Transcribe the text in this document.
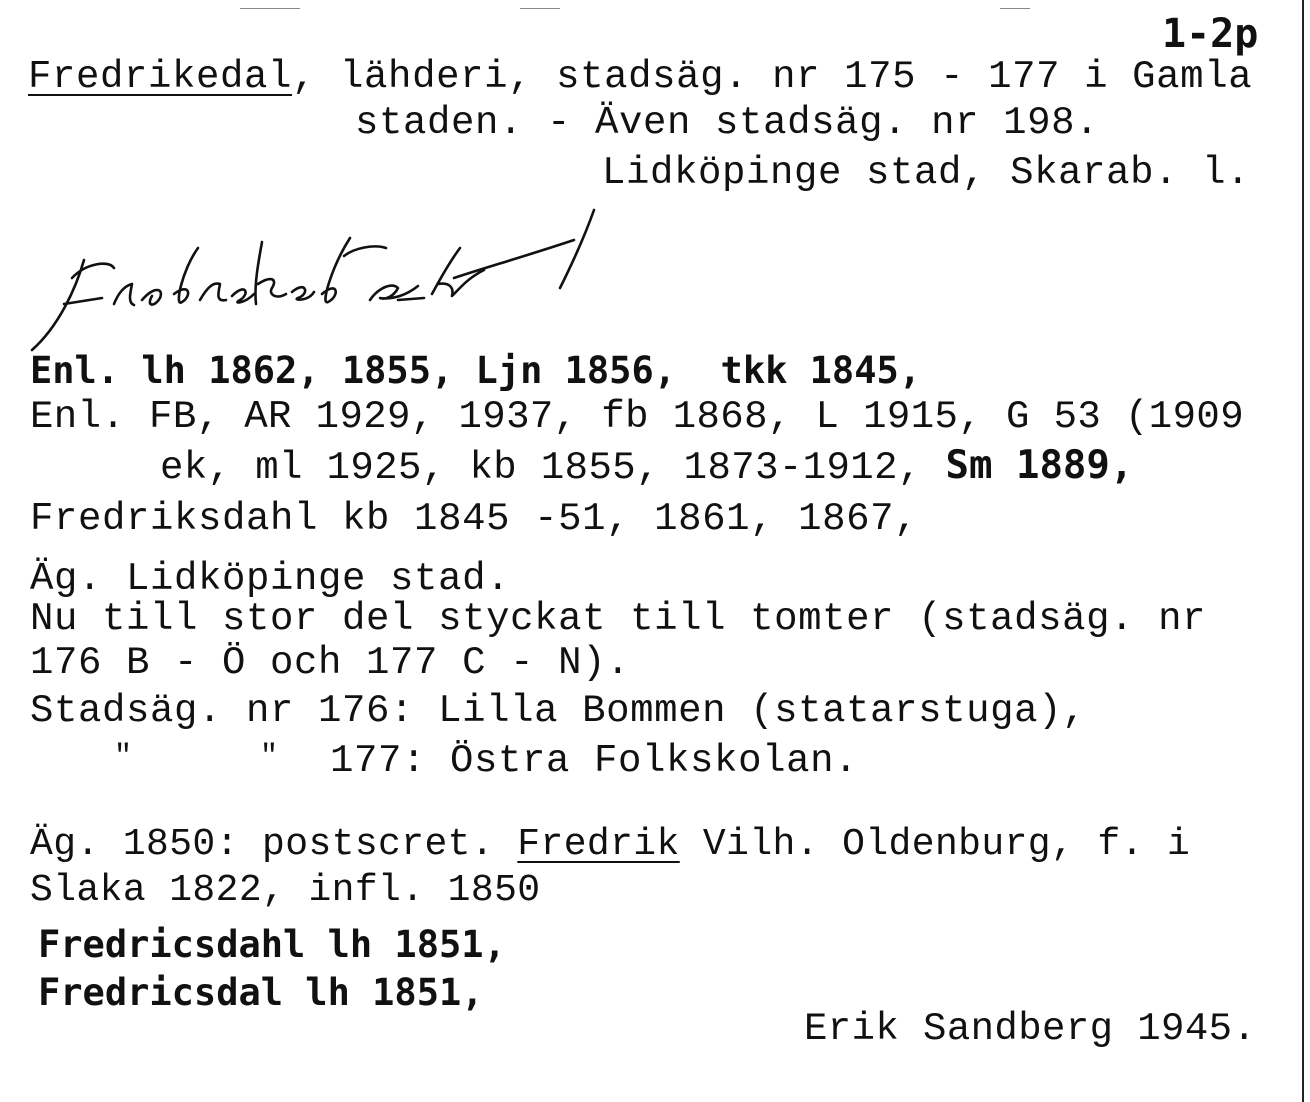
1-2p
Fredrikedal, lähderi, stadsäg. nr 175 - 177 i Gamla
staden. - Även stadsäg. nr 198.
Lidköpinge stad, Skarab. l.
Enl. lh 1862, 1855, Ljn 1856,  tkk 1845,
Enl. FB, AR 1929, 1937, fb 1868, L 1915, G 53 (1909
ek, ml 1925, kb 1855, 1873-1912, Sm 1889,
Fredriksdahl kb 1845 -51, 1861, 1867,
Äg. Lidköpinge stad.
Nu till stor del styckat till tomter (stadsäg. nr
176 B - Ö och 177 C - N).
Stadsäg. nr 176: Lilla Bommen (statarstuga),
"	" 177: Östra Folkskolan.
Äg. 1850: postscret. Fredrik Vilh. Oldenburg, f. i
Slaka 1822, infl. 1850
Fredricsdahl lh 1851,
Fredricsdal lh 1851,
Erik Sandberg 1945.
